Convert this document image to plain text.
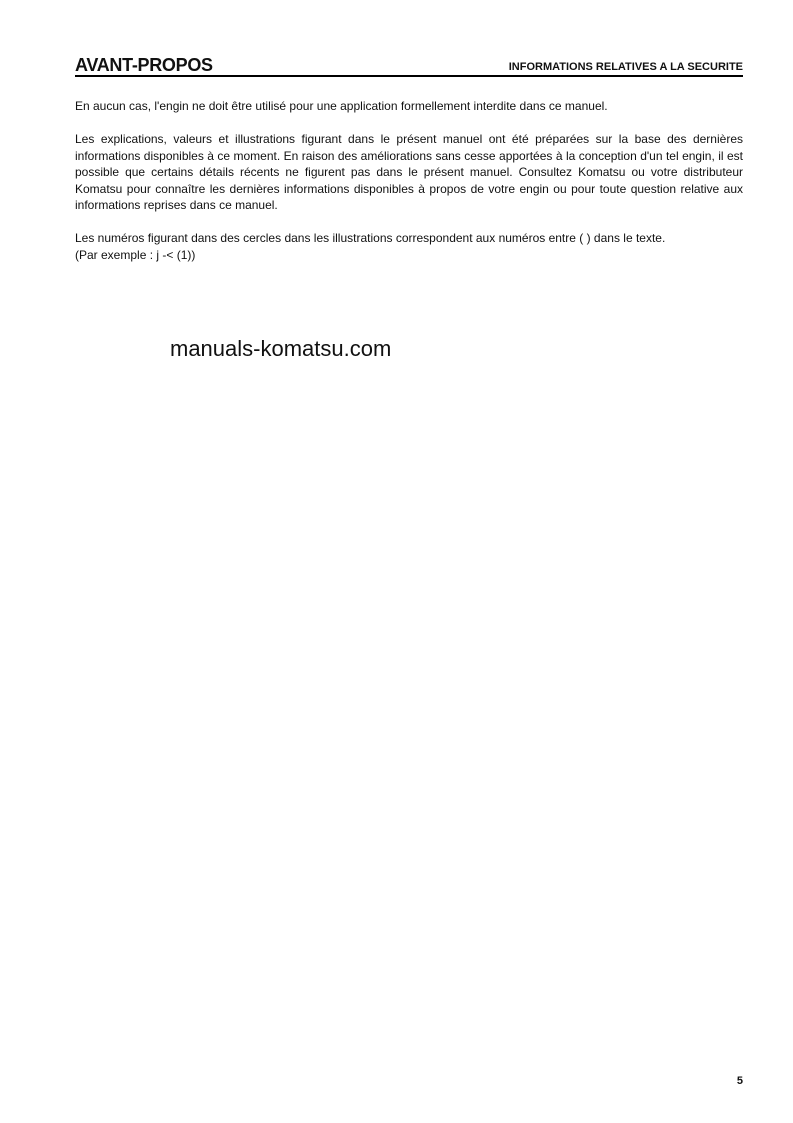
AVANT-PROPOS	INFORMATIONS RELATIVES A LA SECURITE

En aucun cas, l'engin ne doit être utilisé pour une application formellement interdite dans ce manuel.

Les explications, valeurs et illustrations figurant dans le présent manuel ont été préparées sur la base des dernières informations disponibles à ce moment. En raison des améliorations sans cesse apportées à la conception d'un tel engin, il est possible que certains détails récents ne figurent pas dans le présent manuel. Consultez Komatsu ou votre distributeur Komatsu pour connaître les dernières informations disponibles à propos de votre engin ou pour toute question relative aux informations reprises dans ce manuel.

Les numéros figurant dans des cercles dans les illustrations correspondent aux numéros entre ( ) dans le texte.
(Par exemple : j -< (1))

manuals-komatsu.com
5
